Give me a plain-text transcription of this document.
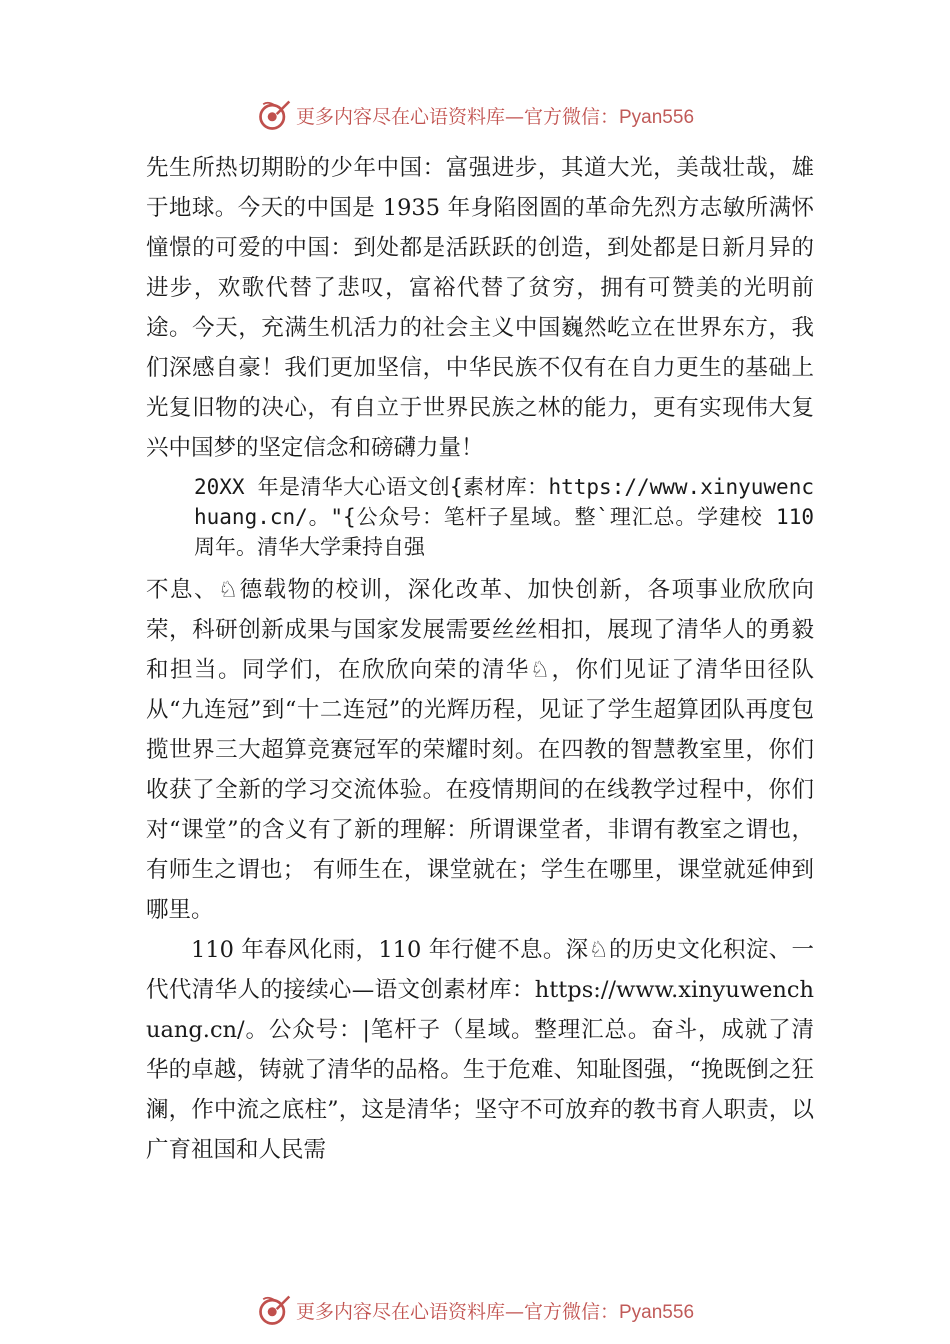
更多内容尽在心语资料库—官方微信：Pyan556

先生所热切期盼的少年中国：富强进步，其道大光，美哉壮哉，雄于地球。今天的中国是 1935 年身陷囹圄的革命先烈方志敏所满怀憧憬的可爱的中国：到处都是活跃跃的创造，到处都是日新月异的进步，欢歌代替了悲叹，富裕代替了贫穷，拥有可赞美的光明前途。今天，充满生机活力的社会主义中国巍然屹立在世界东方，我们深感自豪！我们更加坚信，中华民族不仅有在自力更生的基础上光复旧物的决心，有自立于世界民族之林的能力，更有实现伟大复兴中国梦的坚定信念和磅礴力量！

20XX 年是清华大心语文创{素材库：https://www.xinyuwenchuang.cn/。"{公众号：笔杆子星域。整`理汇总。学建校 110 周年。清华大学秉持自强

不息、♘德载物的校训，深化改革、加快创新，各项事业欣欣向荣，科研创新成果与国家发展需要丝丝相扣，展现了清华人的勇毅和担当。同学们，在欣欣向荣的清华♘，你们见证了清华田径队从“九连冠”到“十二连冠”的光辉历程，见证了学生超算团队再度包揽世界三大超算竞赛冠军的荣耀时刻。在四教的智慧教室里，你们收获了全新的学习交流体验。在疫情期间的在线教学过程中，你们对“课堂”的含义有了新的理解：所谓课堂者，非谓有教室之谓也，有师生之谓也； 有师生在，课堂就在；学生在哪里，课堂就延伸到哪里。

110 年春风化雨，110 年行健不息。深♘的历史文化积淀、一代代清华人的接续心—语文创素材库：https://www.xinyuwenchuang.cn/。公众号：|笔杆子（星域。整理汇总。奋斗，成就了清华的卓越，铸就了清华的品格。生于危难、知耻图强，“挽既倒之狂澜，作中流之底柱”，这是清华；坚守不可放弃的教书育人职责，以广育祖国和人民需

更多内容尽在心语资料库—官方微信：Pyan556
